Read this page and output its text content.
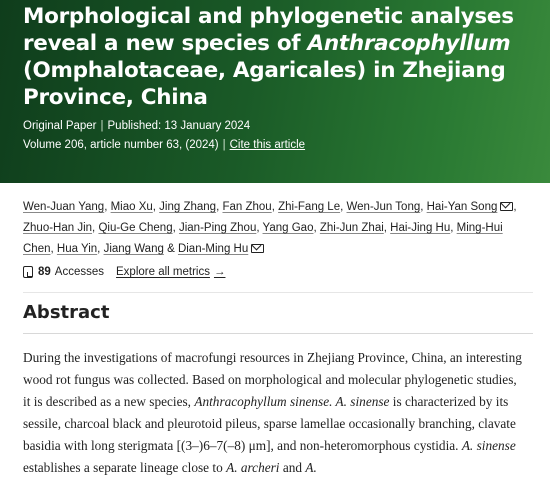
Morphological and phylogenetic analyses reveal a new species of Anthracophyllum (Omphalotaceae, Agaricales) in Zhejiang Province, China
Original Paper | Published: 13 January 2024
Volume 206, article number 63, (2024) | Cite this article
Wen-Juan Yang, Miao Xu, Jing Zhang, Fan Zhou, Zhi-Fang Le, Wen-Jun Tong, Hai-Yan Song , Zhuo-Han Jin, Qiu-Ge Cheng, Jian-Ping Zhou, Yang Gao, Zhi-Jun Zhai, Hai-Jing Hu, Ming-Hui Chen, Hua Yin, Jiang Wang & Dian-Ming Hu
89 Accesses Explore all metrics →
Abstract

During the investigations of macrofungi resources in Zhejiang Province, China, an interesting wood rot fungus was collected. Based on morphological and molecular phylogenetic studies, it is described as a new species, Anthracophyllum sinense. A. sinense is characterized by its sessile, charcoal black and pleurotoid pileus, sparse lamellae occasionally branching, clavate basidia with long sterigmata [(3–)6–7(–8) μm], and non-heteromorphous cystidia. A. sinense establishes a separate lineage close to A. archeri and A.
